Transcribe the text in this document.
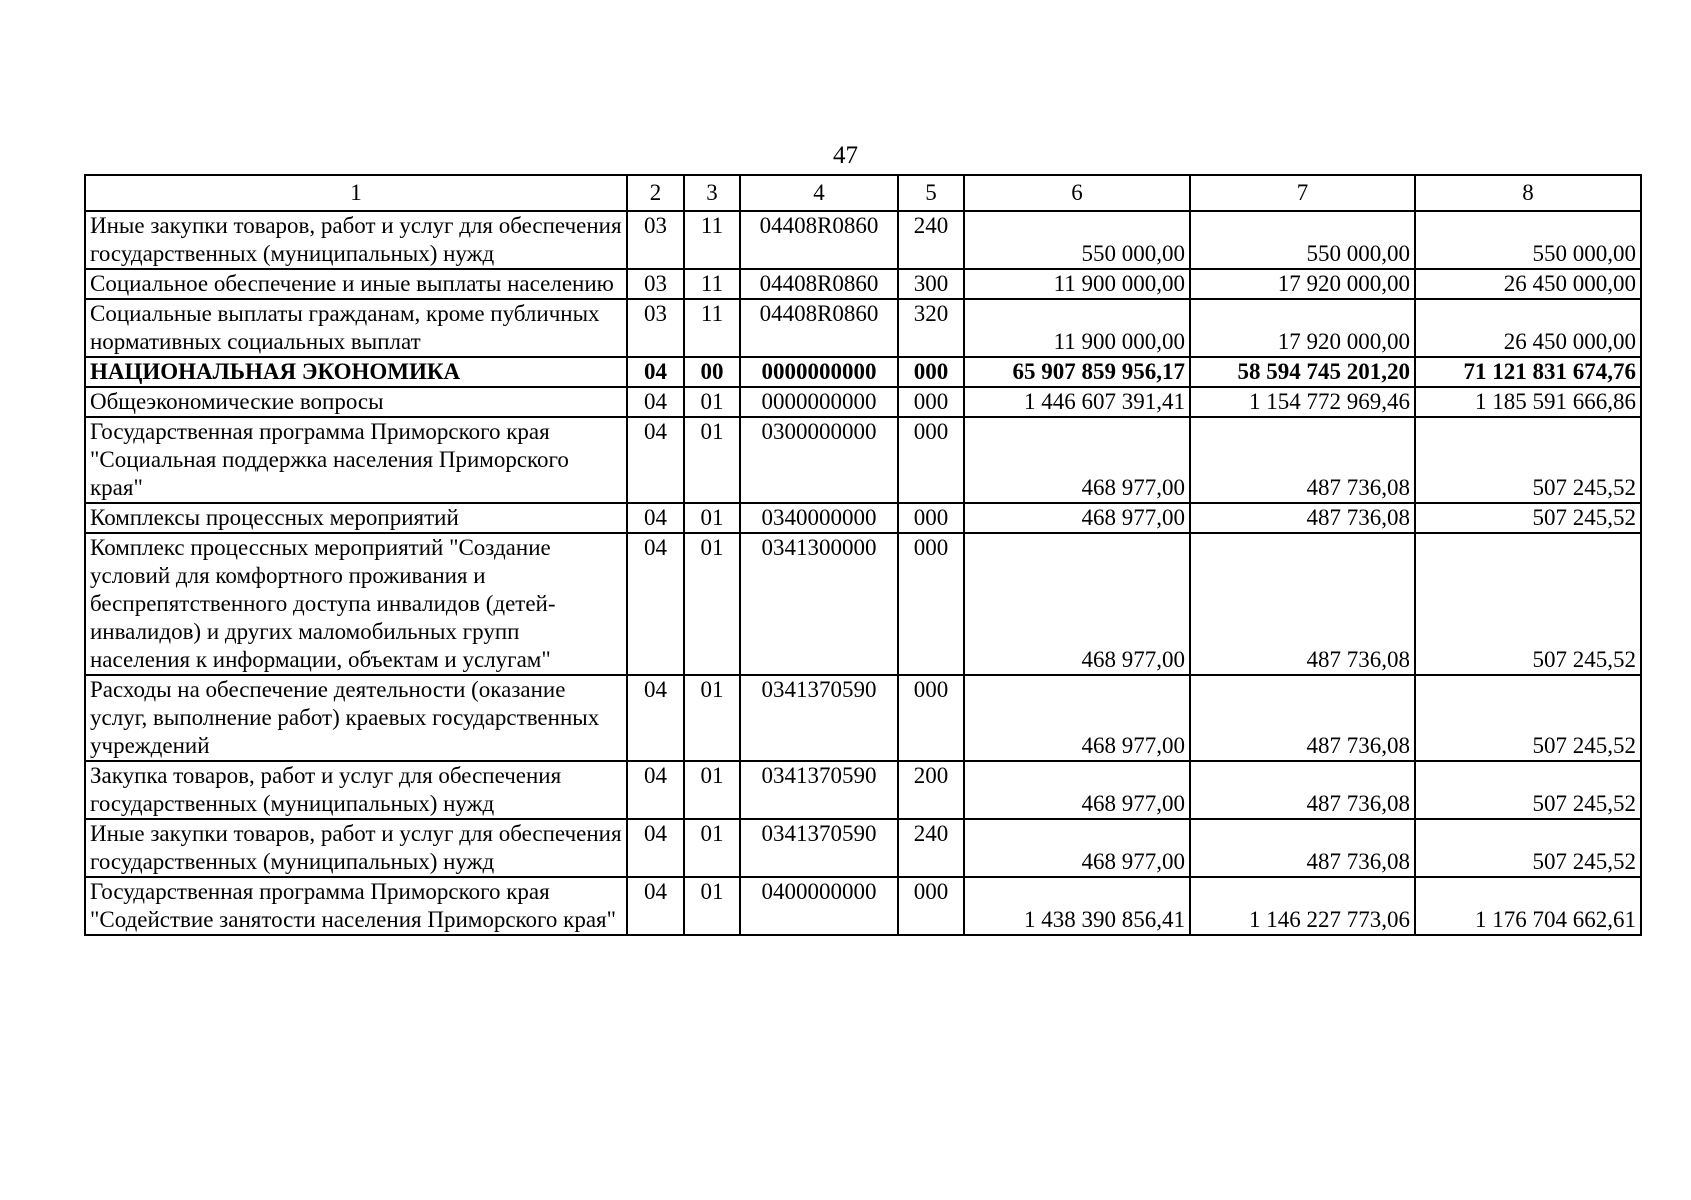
47
1	2	3	4	5	6	7	8
Иные закупки товаров, работ и услуг для обеспечения государственных (муниципальных) нужд	03	11	04408R0860	240	550 000,00	550 000,00	550 000,00
Социальное обеспечение и иные выплаты населению	03	11	04408R0860	300	11 900 000,00	17 920 000,00	26 450 000,00
Социальные выплаты гражданам, кроме публичных нормативных социальных выплат	03	11	04408R0860	320	11 900 000,00	17 920 000,00	26 450 000,00
НАЦИОНАЛЬНАЯ ЭКОНОМИКА	04	00	0000000000	000	65 907 859 956,17	58 594 745 201,20	71 121 831 674,76
Общеэкономические вопросы	04	01	0000000000	000	1 446 607 391,41	1 154 772 969,46	1 185 591 666,86
Государственная программа Приморского края "Социальная поддержка населения Приморского края"	04	01	0300000000	000	468 977,00	487 736,08	507 245,52
Комплексы процессных мероприятий	04	01	0340000000	000	468 977,00	487 736,08	507 245,52
Комплекс процессных мероприятий "Создание условий для комфортного проживания и беспрепятственного доступа инвалидов (детей-инвалидов) и других маломобильных групп населения к информации, объектам и услугам"	04	01	0341300000	000	468 977,00	487 736,08	507 245,52
Расходы на обеспечение деятельности (оказание услуг, выполнение работ) краевых государственных учреждений	04	01	0341370590	000	468 977,00	487 736,08	507 245,52
Закупка товаров, работ и услуг для обеспечения государственных (муниципальных) нужд	04	01	0341370590	200	468 977,00	487 736,08	507 245,52
Иные закупки товаров, работ и услуг для обеспечения государственных (муниципальных) нужд	04	01	0341370590	240	468 977,00	487 736,08	507 245,52
Государственная программа Приморского края "Содействие занятости населения Приморского края"	04	01	0400000000	000	1 438 390 856,41	1 146 227 773,06	1 176 704 662,61
